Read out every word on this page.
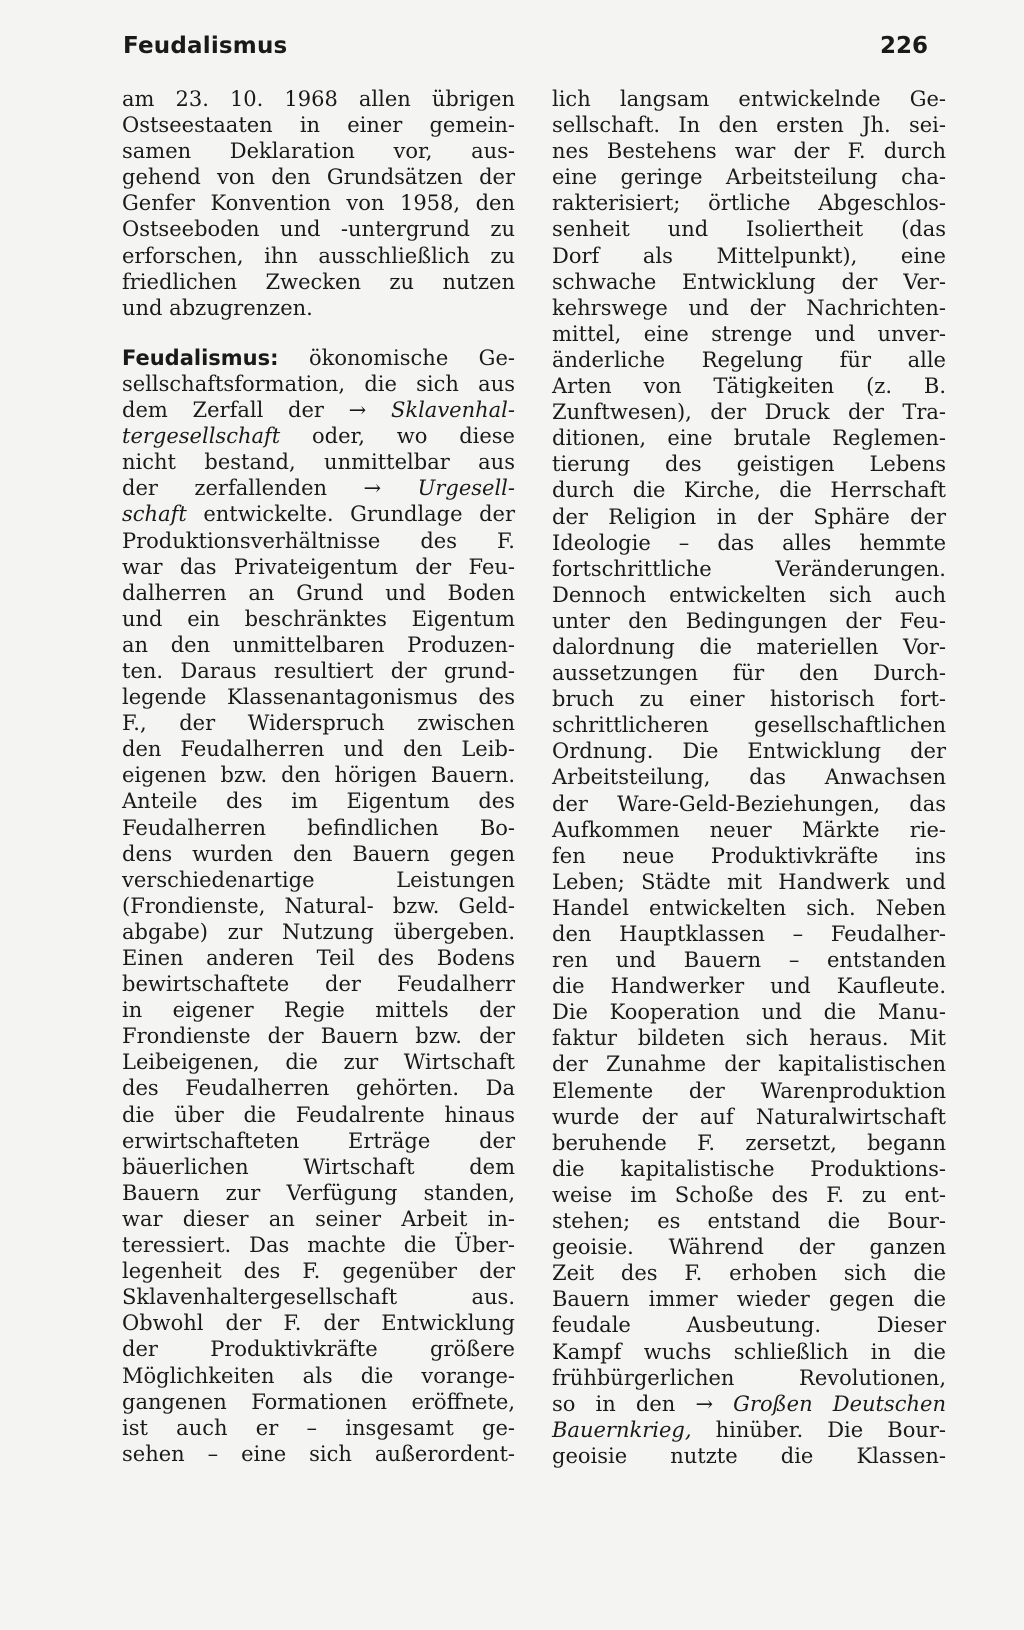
Feudalismus	226
am 23. 10. 1968 allen übrigen
Ostseestaaten in einer gemein-
samen Deklaration vor, aus-
gehend von den Grundsätzen der
Genfer Konvention von 1958, den
Ostseeboden und -untergrund zu
erforschen, ihn ausschließlich zu
friedlichen Zwecken zu nutzen
und abzugrenzen.
Feudalismus: ökonomische Ge-
sellschaftsformation, die sich aus
dem Zerfall der → Sklavenhal-
tergesellschaft oder, wo diese
nicht bestand, unmittelbar aus
der zerfallenden → Urgesell-
schaft entwickelte. Grundlage der
Produktionsverhältnisse des F.
war das Privateigentum der Feu-
dalherren an Grund und Boden
und ein beschränktes Eigentum
an den unmittelbaren Produzen-
ten. Daraus resultiert der grund-
legende Klassenantagonismus des
F., der Widerspruch zwischen
den Feudalherren und den Leib-
eigenen bzw. den hörigen Bauern.
Anteile des im Eigentum des
Feudalherren befindlichen Bo-
dens wurden den Bauern gegen
verschiedenartige Leistungen
(Frondienste, Natural- bzw. Geld-
abgabe) zur Nutzung übergeben.
Einen anderen Teil des Bodens
bewirtschaftete der Feudalherr
in eigener Regie mittels der
Frondienste der Bauern bzw. der
Leibeigenen, die zur Wirtschaft
des Feudalherren gehörten. Da
die über die Feudalrente hinaus
erwirtschafteten Erträge der
bäuerlichen Wirtschaft dem
Bauern zur Verfügung standen,
war dieser an seiner Arbeit in-
teressiert. Das machte die Über-
legenheit des F. gegenüber der
Sklavenhaltergesellschaft aus.
Obwohl der F. der Entwicklung
der Produktivkräfte größere
Möglichkeiten als die vorange-
gangenen Formationen eröffnete,
ist auch er – insgesamt ge-
sehen – eine sich außerordent-
lich langsam entwickelnde Ge-
sellschaft. In den ersten Jh. sei-
nes Bestehens war der F. durch
eine geringe Arbeitsteilung cha-
rakterisiert; örtliche Abgeschlos-
senheit und Isoliertheit (das
Dorf als Mittelpunkt), eine
schwache Entwicklung der Ver-
kehrswege und der Nachrichten-
mittel, eine strenge und unver-
änderliche Regelung für alle
Arten von Tätigkeiten (z. B.
Zunftwesen), der Druck der Tra-
ditionen, eine brutale Reglemen-
tierung des geistigen Lebens
durch die Kirche, die Herrschaft
der Religion in der Sphäre der
Ideologie – das alles hemmte
fortschrittliche Veränderungen.
Dennoch entwickelten sich auch
unter den Bedingungen der Feu-
dalordnung die materiellen Vor-
aussetzungen für den Durch-
bruch zu einer historisch fort-
schrittlicheren gesellschaftlichen
Ordnung. Die Entwicklung der
Arbeitsteilung, das Anwachsen
der Ware-Geld-Beziehungen, das
Aufkommen neuer Märkte rie-
fen neue Produktivkräfte ins
Leben; Städte mit Handwerk und
Handel entwickelten sich. Neben
den Hauptklassen – Feudalher-
ren und Bauern – entstanden
die Handwerker und Kaufleute.
Die Kooperation und die Manu-
faktur bildeten sich heraus. Mit
der Zunahme der kapitalistischen
Elemente der Warenproduktion
wurde der auf Naturalwirtschaft
beruhende F. zersetzt, begann
die kapitalistische Produktions-
weise im Schoße des F. zu ent-
stehen; es entstand die Bour-
geoisie. Während der ganzen
Zeit des F. erhoben sich die
Bauern immer wieder gegen die
feudale Ausbeutung. Dieser
Kampf wuchs schließlich in die
frühbürgerlichen Revolutionen,
so in den → Großen Deutschen
Bauernkrieg, hinüber. Die Bour-
geoisie nutzte die Klassen-
